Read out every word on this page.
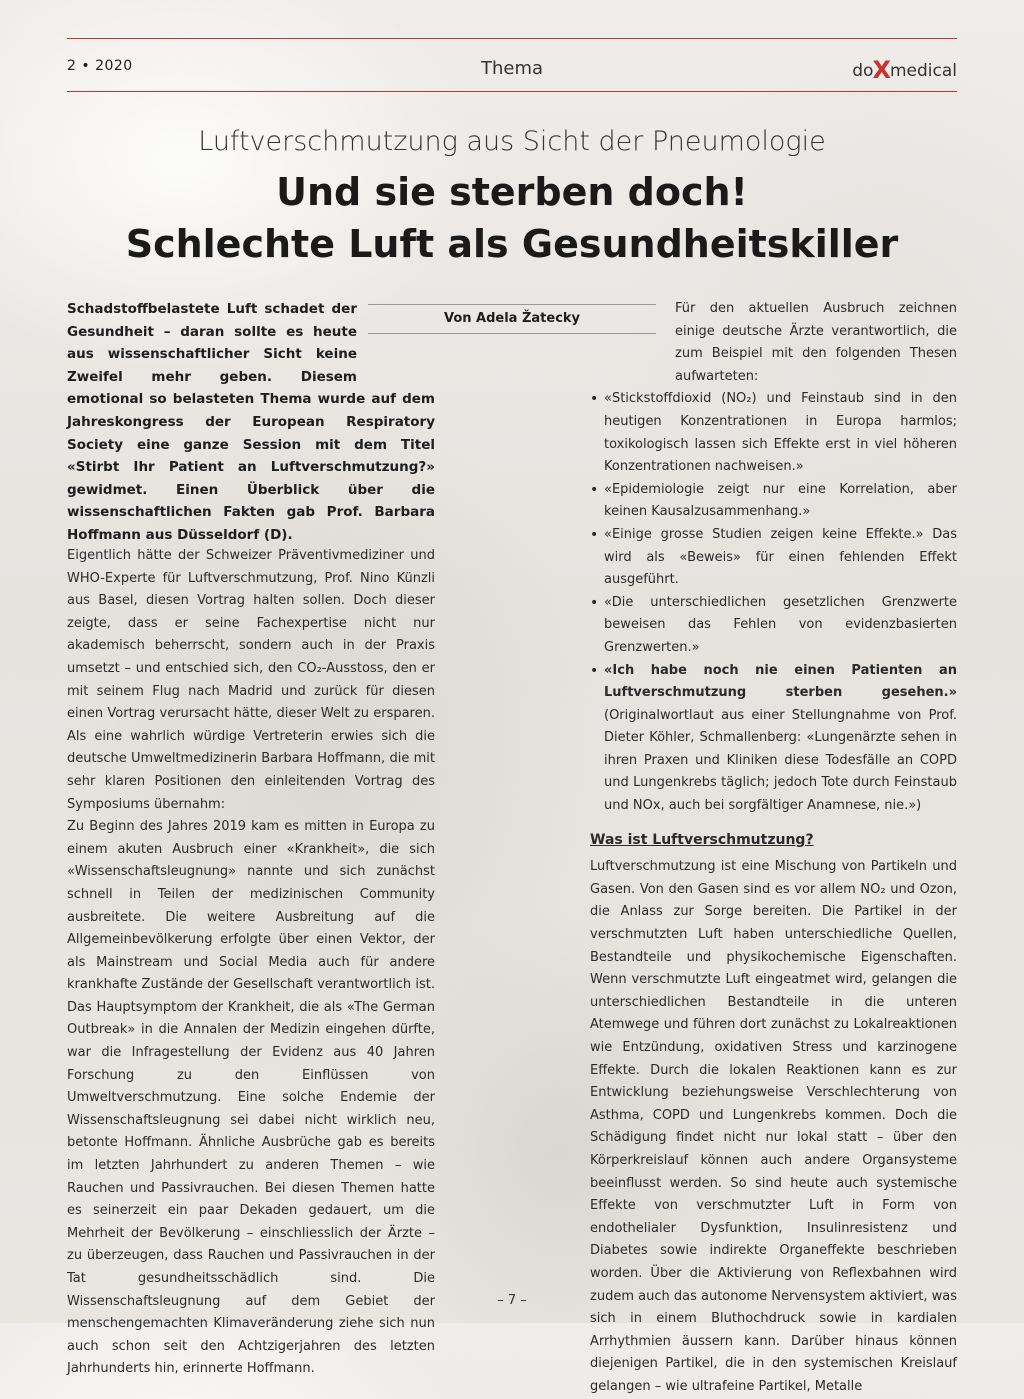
2 • 2020	Thema	doXmedical
Luftverschmutzung aus Sicht der Pneumologie
Und sie sterben doch!
Schlechte Luft als Gesundheitskiller

Schadstoffbelastete Luft schadet der Gesundheit – daran sollte es heute aus wissenschaftlicher Sicht keine Zweifel mehr geben. Diesem emotional so belasteten Thema wurde auf dem Jahreskongress der European Respiratory Society eine ganze Session mit dem Titel «Stirbt Ihr Patient an Luftverschmutzung?» gewidmet. Einen Überblick über die wissenschaftlichen Fakten gab Prof. Barbara Hoffmann aus Düsseldorf (D).

Von Adela Žatecky

Eigentlich hätte der Schweizer Präventivmediziner und WHO-Experte für Luftverschmutzung, Prof. Nino Künzli aus Basel, diesen Vortrag halten sollen. Doch dieser zeigte, dass er seine Fachexpertise nicht nur akademisch beherrscht, sondern auch in der Praxis umsetzt – und entschied sich, den CO₂-Ausstoss, den er mit seinem Flug nach Madrid und zurück für diesen einen Vortrag verursacht hätte, dieser Welt zu ersparen. Als eine wahrlich würdige Vertreterin erwies sich die deutsche Umweltmedizinerin Barbara Hoffmann, die mit sehr klaren Positionen den einleitenden Vortrag des Symposiums übernahm:

Zu Beginn des Jahres 2019 kam es mitten in Europa zu einem akuten Ausbruch einer «Krankheit», die sich «Wissenschaftsleugnung» nannte und sich zunächst schnell in Teilen der medizinischen Community ausbreitete. Die weitere Ausbreitung auf die Allgemeinbevölkerung erfolgte über einen Vektor, der als Mainstream und Social Media auch für andere krankhafte Zustände der Gesellschaft verantwortlich ist. Das Hauptsymptom der Krankheit, die als «The German Outbreak» in die Annalen der Medizin eingehen dürfte, war die Infragestellung der Evidenz aus 40 Jahren Forschung zu den Einflüssen von Umweltverschmutzung. Eine solche Endemie der Wissenschaftsleugnung sei dabei nicht wirklich neu, betonte Hoffmann. Ähnliche Ausbrüche gab es bereits im letzten Jahrhundert zu anderen Themen – wie Rauchen und Passivrauchen. Bei diesen Themen hatte es seinerzeit ein paar Dekaden gedauert, um die Mehrheit der Bevölkerung – einschliesslich der Ärzte – zu überzeugen, dass Rauchen und Passivrauchen in der Tat gesundheitsschädlich sind. Die Wissenschaftsleugnung auf dem Gebiet der menschengemachten Klimaveränderung ziehe sich nun auch schon seit den Achtzigerjahren des letzten Jahrhunderts hin, erinnerte Hoffmann.

Für den aktuellen Ausbruch zeichnen einige deutsche Ärzte verantwortlich, die zum Beispiel mit den folgenden Thesen aufwarteten:

• «Stickstoffdioxid (NO₂) und Feinstaub sind in den heutigen Konzentrationen in Europa harmlos; toxikologisch lassen sich Effekte erst in viel höheren Konzentrationen nachweisen.»
• «Epidemiologie zeigt nur eine Korrelation, aber keinen Kausalzusammenhang.»
• «Einige grosse Studien zeigen keine Effekte.» Das wird als «Beweis» für einen fehlenden Effekt ausgeführt.
• «Die unterschiedlichen gesetzlichen Grenzwerte beweisen das Fehlen von evidenzbasierten Grenzwerten.»
• «Ich habe noch nie einen Patienten an Luftverschmutzung sterben gesehen.» (Originalwortlaut aus einer Stellungnahme von Prof. Dieter Köhler, Schmallenberg: «Lungenärzte sehen in ihren Praxen und Kliniken diese Todesfälle an COPD und Lungenkrebs täglich; jedoch Tote durch Feinstaub und NOx, auch bei sorgfältiger Anamnese, nie.»)

Was ist Luftverschmutzung?

Luftverschmutzung ist eine Mischung von Partikeln und Gasen. Von den Gasen sind es vor allem NO₂ und Ozon, die Anlass zur Sorge bereiten. Die Partikel in der verschmutzten Luft haben unterschiedliche Quellen, Bestandteile und physikochemische Eigenschaften. Wenn verschmutzte Luft eingeatmet wird, gelangen die unterschiedlichen Bestandteile in die unteren Atemwege und führen dort zunächst zu Lokalreaktionen wie Entzündung, oxidativen Stress und karzinogene Effekte. Durch die lokalen Reaktionen kann es zur Entwicklung beziehungsweise Verschlechterung von Asthma, COPD und Lungenkrebs kommen. Doch die Schädigung findet nicht nur lokal statt – über den Körperkreislauf können auch andere Organsysteme beeinflusst werden. So sind heute auch systemische Effekte von verschmutzter Luft in Form von endothelialer Dysfunktion, Insulinresistenz und Diabetes sowie indirekte Organeffekte beschrieben worden. Über die Aktivierung von Reflexbahnen wird zudem auch das autonome Nervensystem aktiviert, was sich in einem Bluthochdruck sowie in kardialen Arrhythmien äussern kann. Darüber hinaus können diejenigen Partikel, die in den systemischen Kreislauf gelangen – wie ultrafeine Partikel, Metalle

– 7 –
